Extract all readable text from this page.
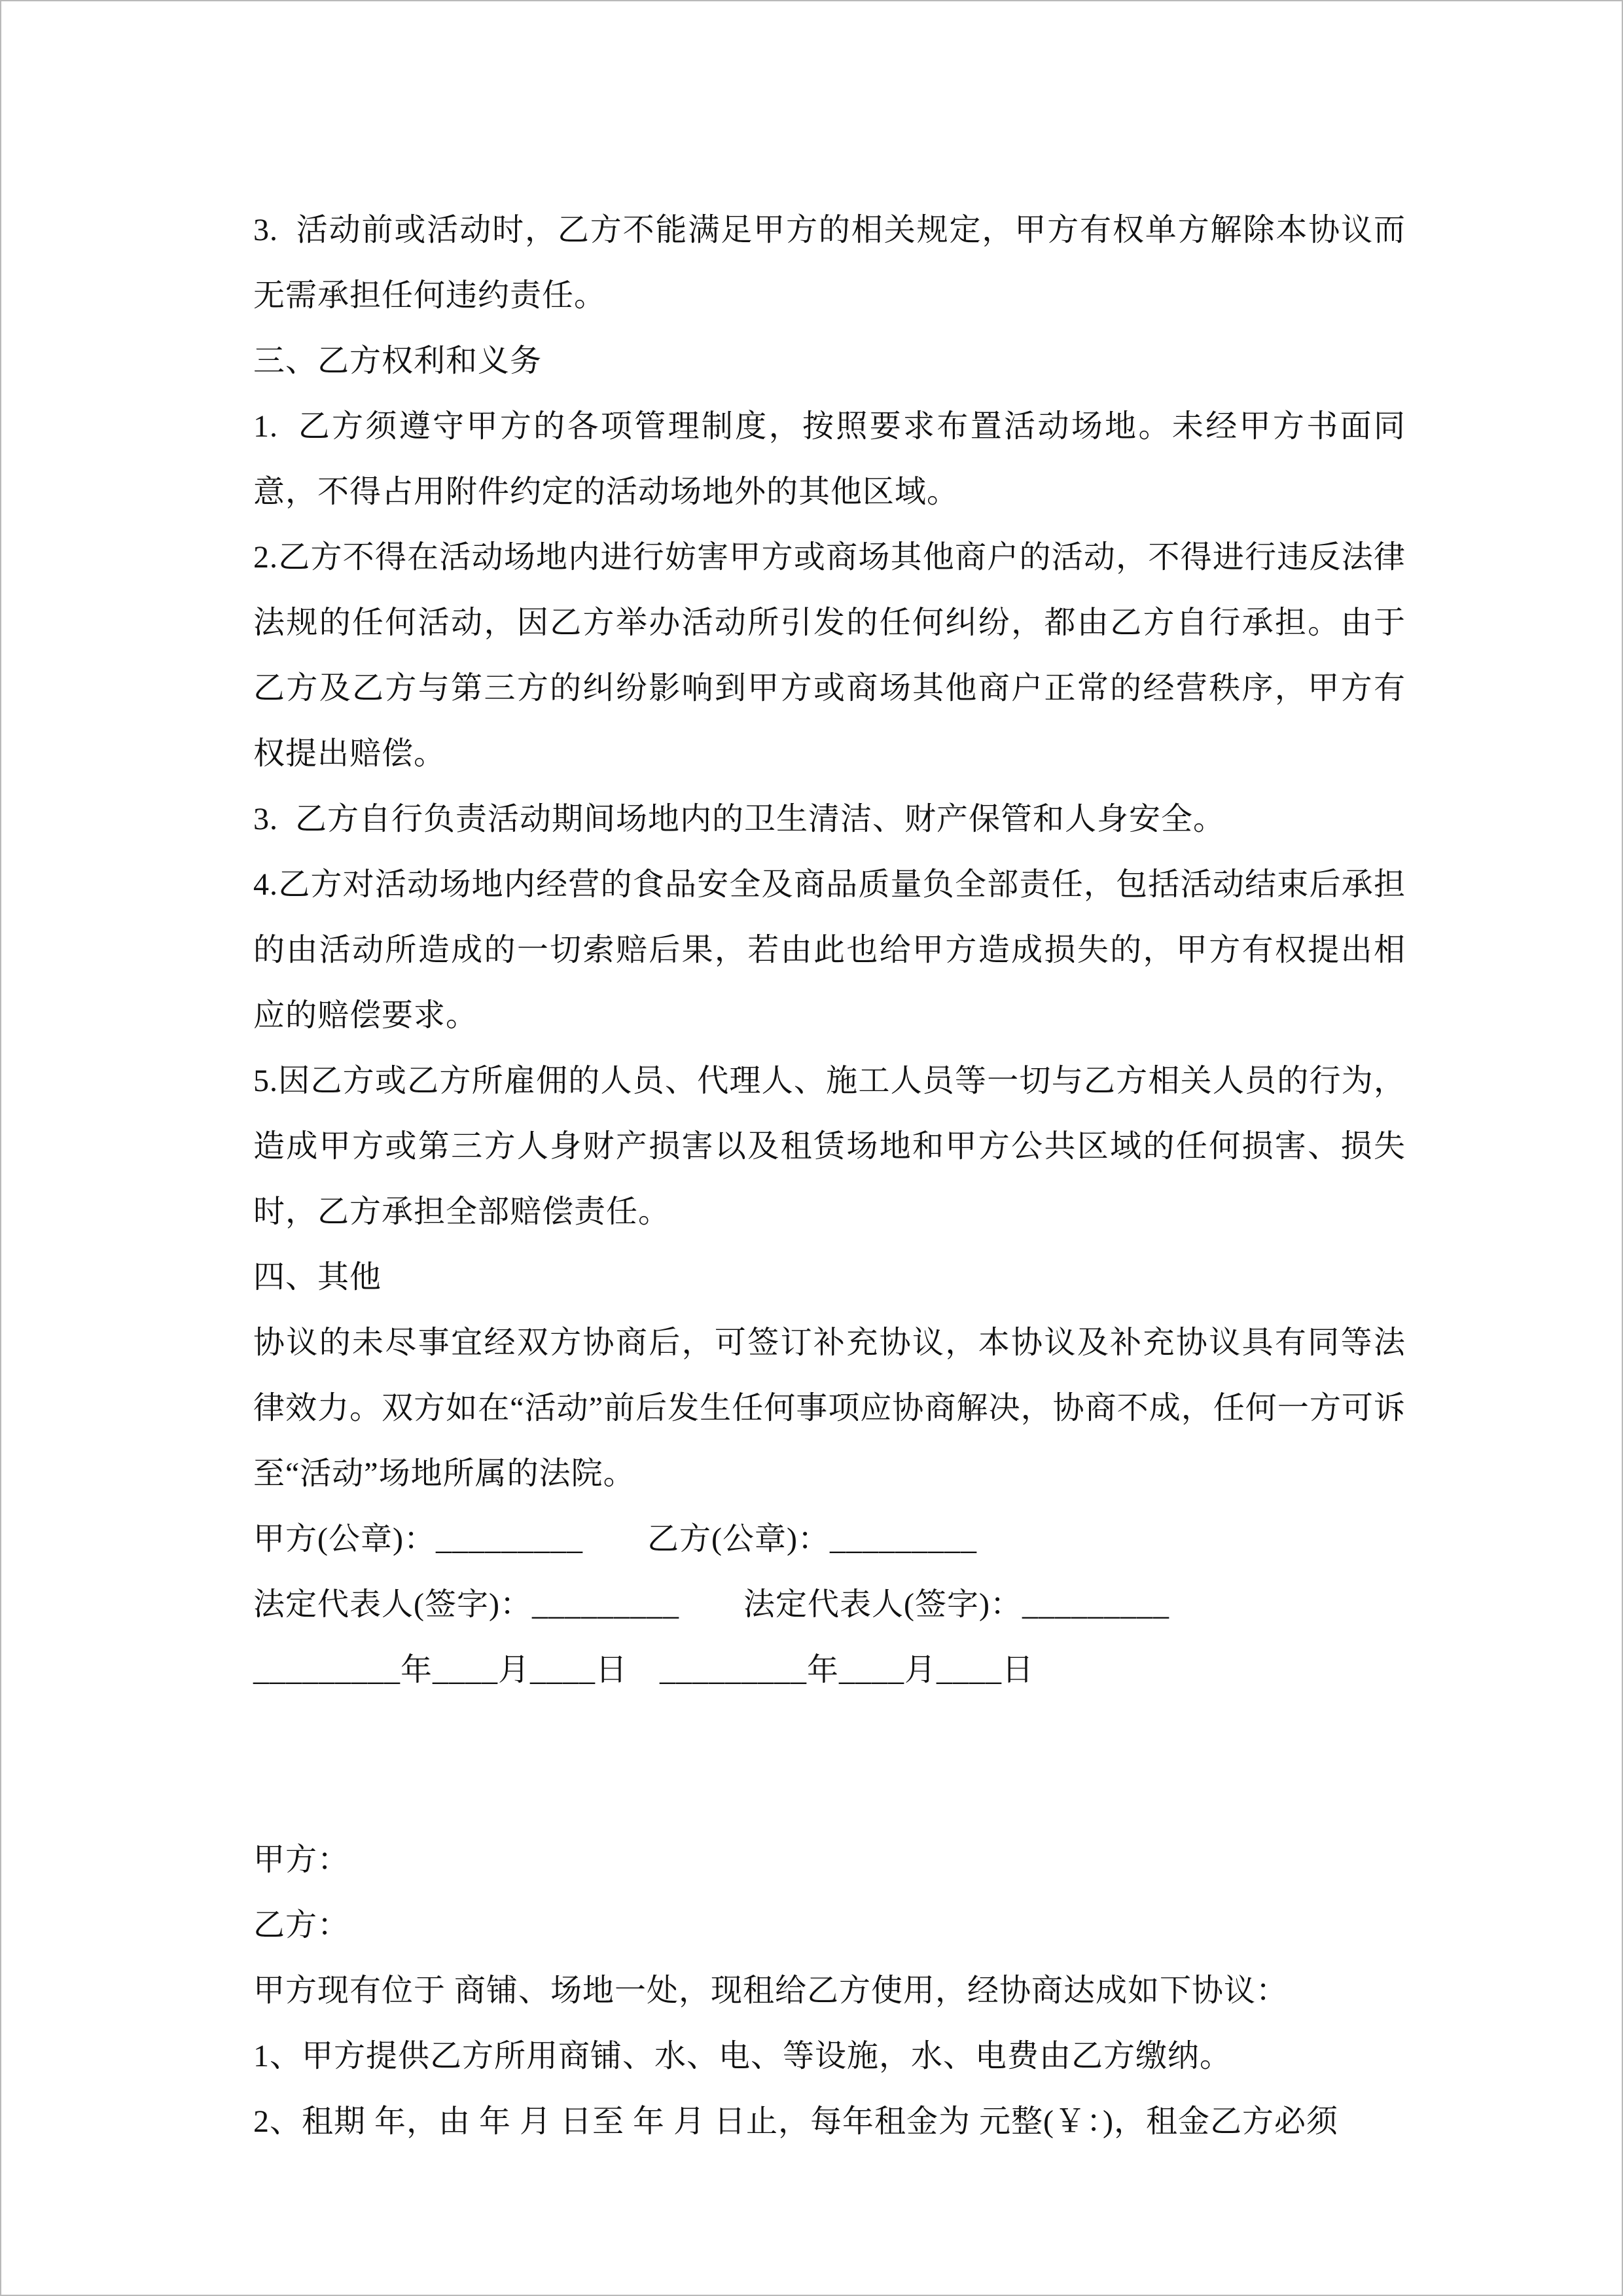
3.  活动前或活动时，乙方不能满足甲方的相关规定，甲方有权单方解除本协议而无需承担任何违约责任。

三、乙方权利和义务

1.  乙方须遵守甲方的各项管理制度，按照要求布置活动场地。未经甲方书面同意，不得占用附件约定的活动场地外的其他区域。

2.乙方不得在活动场地内进行妨害甲方或商场其他商户的活动，不得进行违反法律法规的任何活动，因乙方举办活动所引发的任何纠纷，都由乙方自行承担。由于乙方及乙方与第三方的纠纷影响到甲方或商场其他商户正常的经营秩序，甲方有权提出赔偿。

3.  乙方自行负责活动期间场地内的卫生清洁、财产保管和人身安全。

4.乙方对活动场地内经营的食品安全及商品质量负全部责任，包括活动结束后承担的由活动所造成的一切索赔后果，若由此也给甲方造成损失的，甲方有权提出相应的赔偿要求。

5.因乙方或乙方所雇佣的人员、代理人、施工人员等一切与乙方相关人员的行为，造成甲方或第三方人身财产损害以及租赁场地和甲方公共区域的任何损害、损失时，乙方承担全部赔偿责任。

四、其他

协议的未尽事宜经双方协商后，可签订补充协议，本协议及补充协议具有同等法律效力。双方如在“活动”前后发生任何事项应协商解决，协商不成，任何一方可诉至“活动”场地所属的法院。

甲方(公章)：_________　　乙方(公章)：_________

法定代表人(签字)：_________　　法定代表人(签字)：_________

_________年____月____日　_________年____月____日

甲方：

乙方：

甲方现有位于 商铺、场地一处，现租给乙方使用，经协商达成如下协议：

1、甲方提供乙方所用商铺、水、电、等设施，水、电费由乙方缴纳。

2、租期 年，由 年 月 日至 年 月 日止，每年租金为 元整(￥：)，租金乙方必须
